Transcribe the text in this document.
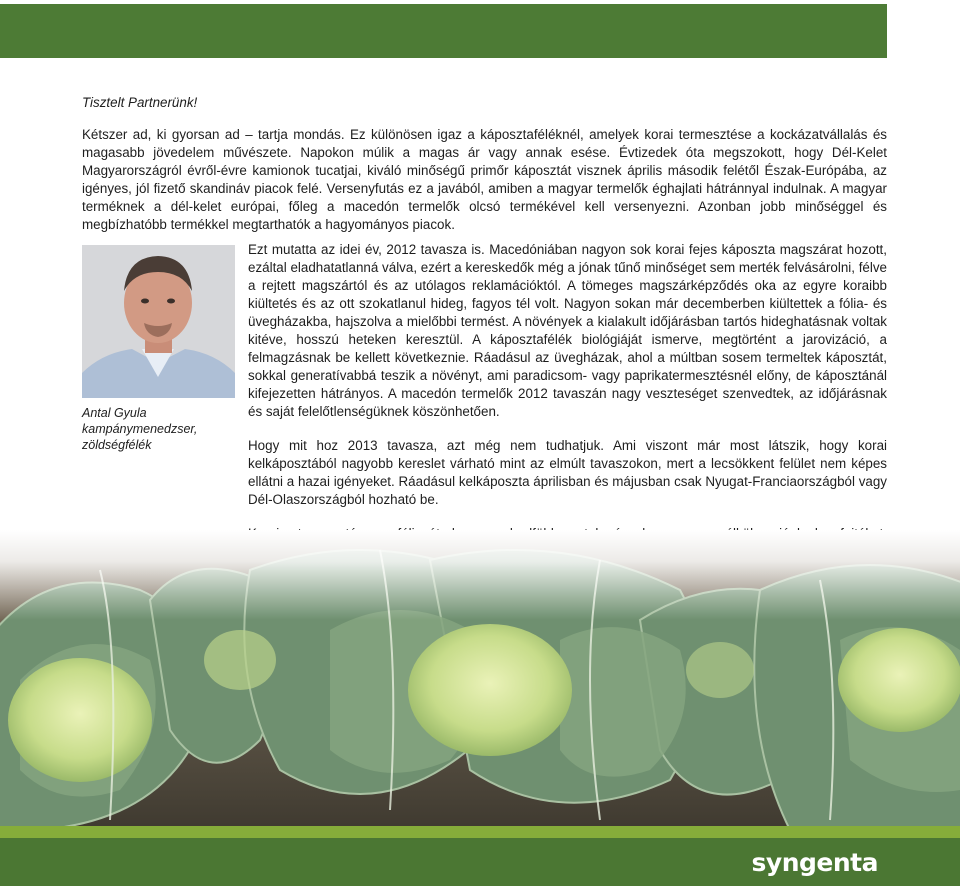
Tisztelt Partnerünk!

Kétszer ad, ki gyorsan ad – tartja mondás. Ez különösen igaz a káposztaféléknél, amelyek korai termesztése a kockázatvállalás és magasabb jövedelem művészete. Napokon múlik a magas ár vagy annak esése. Évtizedek óta megszokott, hogy Dél-Kelet Magyarországról évről-évre kamionok tucatjai, kiváló minőségű primőr káposztát visznek április második felétől Észak-Európába, az igényes, jól fizető skandináv piacok felé. Versenyfutás ez a javából, amiben a magyar termelők éghajlati hátránnyal indulnak. A magyar terméknek a dél-kelet európai, főleg a macedón termelők olcsó termékével kell versenyezni. Azonban jobb minőséggel és megbízhatóbb termékkel megtarthatók a hagyományos piacok.

Antal Gyula
kampánymenedzser,
zöldségfélék

Ezt mutatta az idei év, 2012 tavasza is. Macedóniában nagyon sok korai fejes káposzta magszárat hozott, ezáltal eladhatatlanná válva, ezért a kereskedők még a jónak tűnő minőséget sem merték felvásárolni, félve a rejtett magszártól és az utólagos reklamációktól. A tömeges magszárképződés oka az egyre koraibb kiültetés és az ott szokatlanul hideg, fagyos tél volt. Nagyon sokan már decemberben kiültettek a fólia- és üvegházakba, hajszolva a mielőbbi termést. A növények a kialakult időjárásban tartós hideghatásnak voltak kitéve, hosszú heteken keresztül. A káposztafélék biológiáját ismerve, megtörtént a jarovizáció, a felmagzásnak be kellett következnie. Ráadásul az üvegházak, ahol a múltban sosem termeltek káposztát, sokkal generatívabbá teszik a növényt, ami paradicsom- vagy paprikatermesztésnél előny, de káposztánál kifejezetten hátrányos. A macedón termelők 2012 tavaszán nagy veszteséget szenvedtek, az időjárásnak és saját felelőtlenségüknek köszönhetően.

Hogy mit hoz 2013 tavasza, azt még nem tudhatjuk. Ami viszont már most látszik, hogy korai kelkáposztából nagyobb kereslet várható mint az elmúlt tavaszokon, mert a lecsökkent felület nem képes ellátni a hazai igényeket. Ráadásul kelkáposzta áprilisban és májusban csak Nyugat-Franciaországból vagy Dél-Olaszországból hozható be.

syngenta
